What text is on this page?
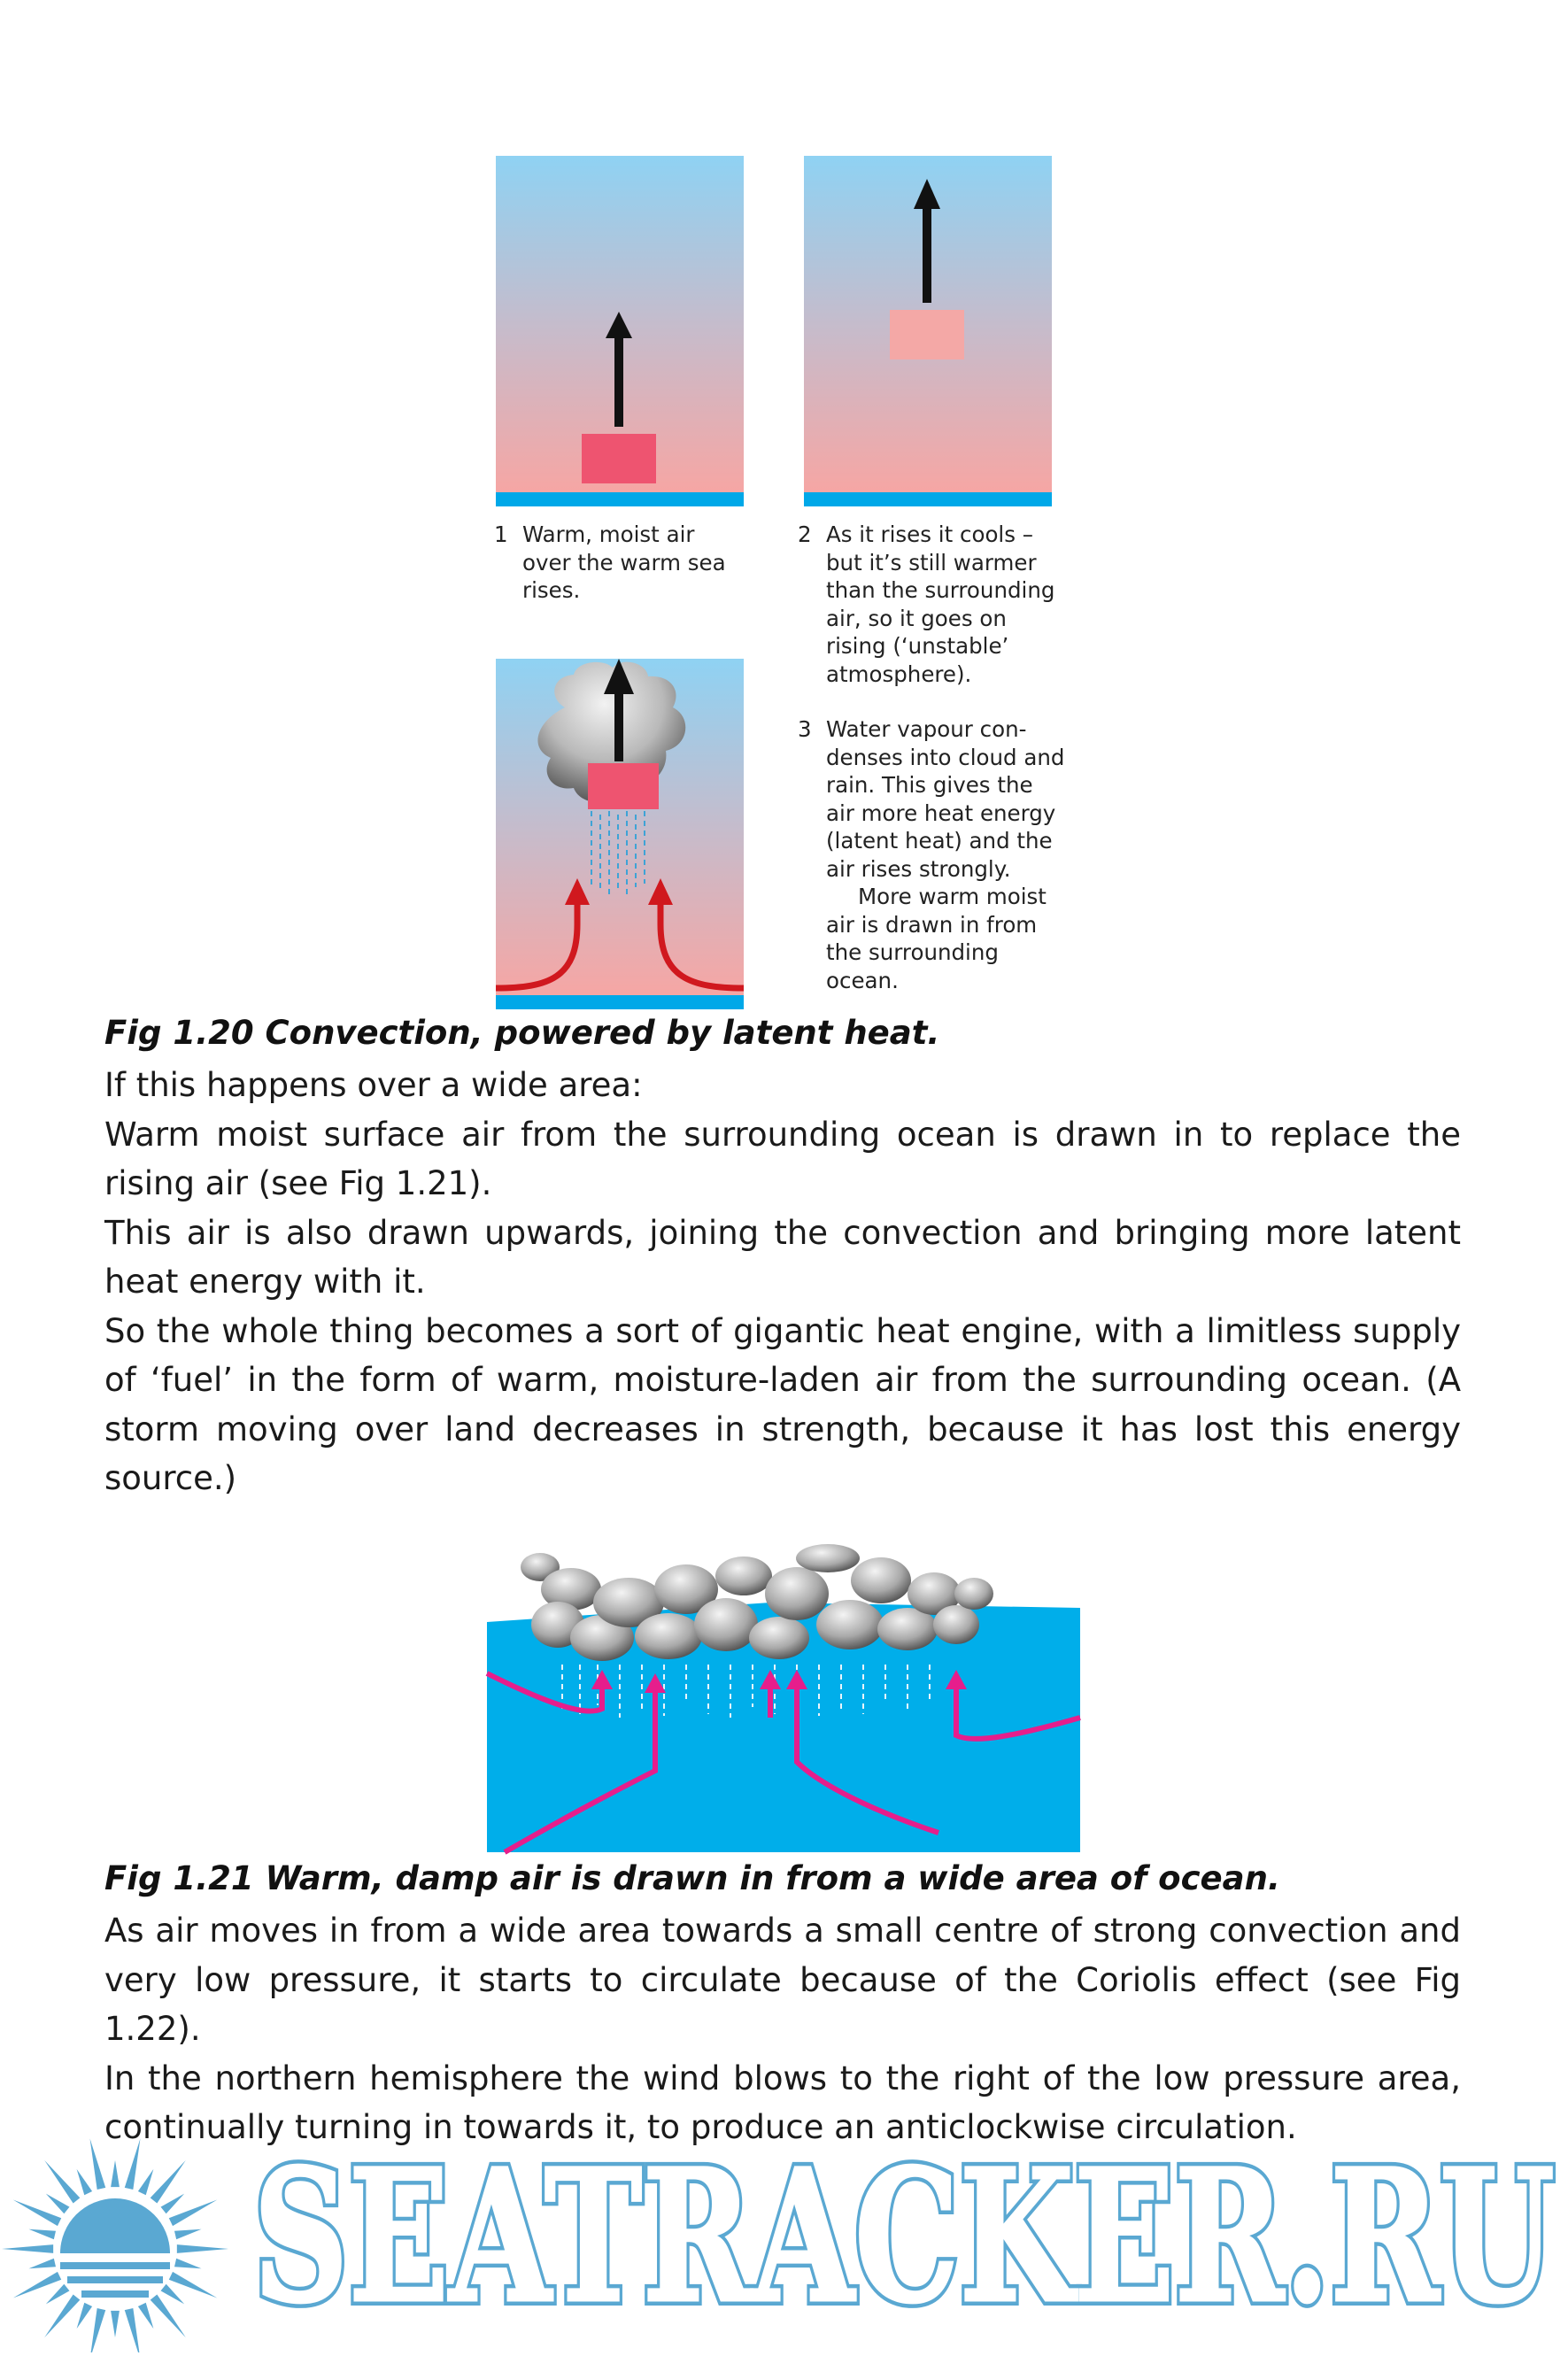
1 Warm, moist air
over the warm sea
rises.
2 As it rises it cools –
but it’s still warmer
than the surrounding
air, so it goes on
rising (‘unstable’
atmosphere).
3 Water vapour con-
denses into cloud and
rain. This gives the
air more heat energy
(latent heat) and the
air rises strongly.
More warm moist
air is drawn in from
the surrounding
ocean.
Fig 1.20 Convection, powered by latent heat.

If this happens over a wide area:

Warm moist surface air from the surrounding ocean is drawn in to replace the rising air (see Fig 1.21).

This air is also drawn upwards, joining the convection and bringing more latent heat energy with it.

So the whole thing becomes a sort of gigantic heat engine, with a limitless supply of ‘fuel’ in the form of warm, moisture-laden air from the surrounding ocean. (A storm moving over land decreases in strength, because it has lost this energy source.)

Fig 1.21 Warm, damp air is drawn in from a wide area of ocean.

As air moves in from a wide area towards a small centre of strong convection and very low pressure, it starts to circulate because of the Coriolis effect (see Fig 1.22).

In the northern hemisphere the wind blows to the right of the low pressure area, continually turning in towards it, to produce an anticlockwise circulation.

SEATRACKER.RU
SEATRACKER.RU
